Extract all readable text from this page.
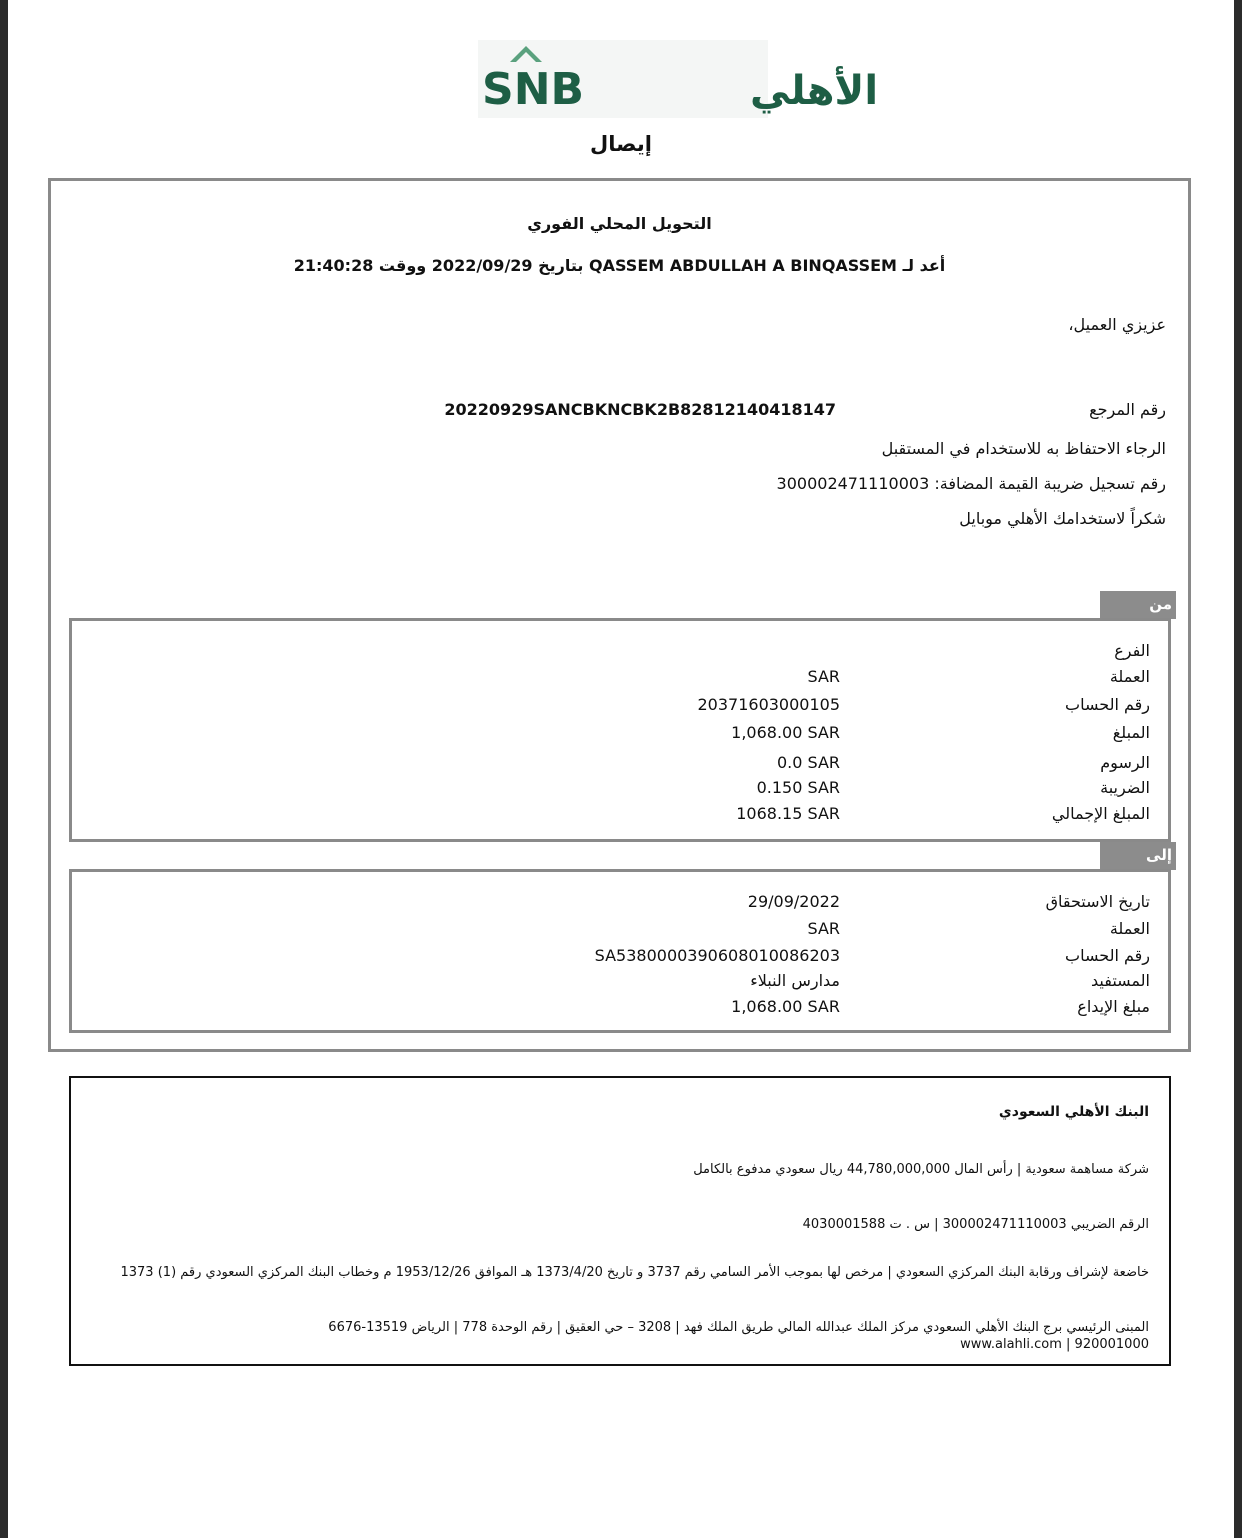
SNB	الأهلي
إيصال
التحويل المحلي الفوري
أعد لـ QASSEM ABDULLAH A BINQASSEM بتاريخ 2022/09/29 ووقت 21:40:28
عزيزي العميل،
رقم المرجع
20220929SANCBKNCBK2B82812140418147
الرجاء الاحتفاظ به للاستخدام في المستقبل
رقم تسجيل ضريبة القيمة المضافة: 300002471110003
شكراً لاستخدامك الأهلي موبايل
من
الفرع
العملة
SAR
رقم الحساب
20371603000105
المبلغ
1,068.00 SAR
الرسوم
0.0 SAR
الضريبة
0.150 SAR
المبلغ الإجمالي
1068.15 SAR
إلى
تاريخ الاستحقاق
29/09/2022
العملة
SAR
رقم الحساب
SA5380000390608010086203
المستفيد
مدارس النبلاء
مبلغ الإيداع
1,068.00 SAR
البنك الأهلي السعودي
شركة مساهمة سعودية | رأس المال 44,780,000,000 ريال سعودي مدفوع بالكامل
الرقم الضريبي 300002471110003 | س . ت 4030001588
خاضعة لإشراف ورقابة البنك المركزي السعودي | مرخص لها بموجب الأمر السامي رقم 3737 و تاريخ 1373/4/20 هـ الموافق 1953/12/26 م وخطاب البنك المركزي السعودي رقم (1) 1373
المبنى الرئيسي برج البنك الأهلي السعودي مركز الملك عبدالله المالي طريق الملك فهد | 3208 – حي العقيق | رقم الوحدة 778 | الرياض 13519-6676
www.alahli.com | 920001000
